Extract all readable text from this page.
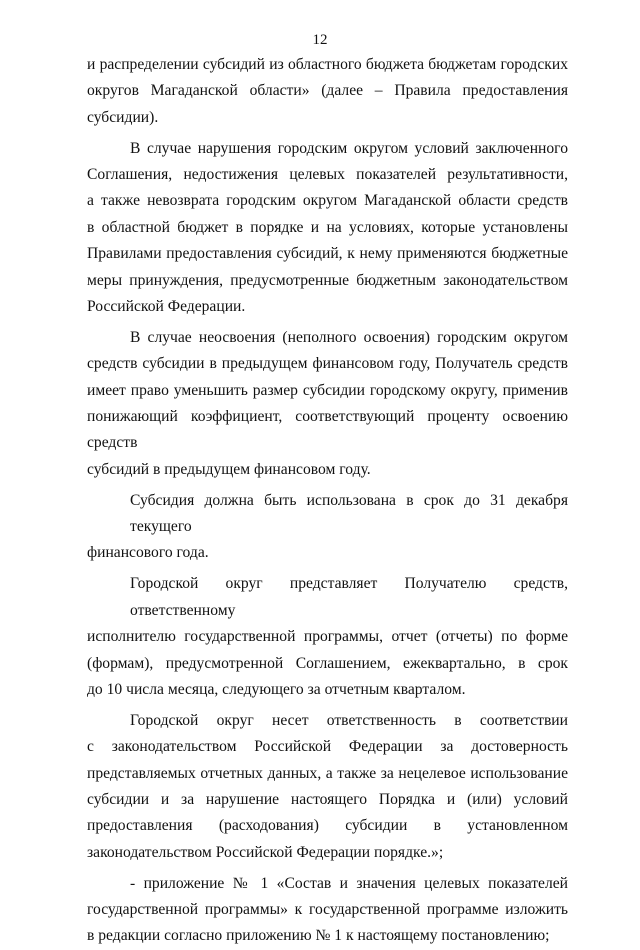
12

и распределении субсидий из областного бюджета бюджетам городских
округов Магаданской области» (далее – Правила предоставления
субсидии).

В случае нарушения городским округом условий заключенного
Соглашения, недостижения целевых показателей результативности,
а также невозврата городским округом Магаданской области средств
в областной бюджет в порядке и на условиях, которые установлены
Правилами предоставления субсидий, к нему применяются бюджетные
меры принуждения, предусмотренные бюджетным законодательством
Российской Федерации.

В случае неосвоения (неполного освоения) городским округом
средств субсидии в предыдущем финансовом году, Получатель средств
имеет право уменьшить размер субсидии городскому округу, применив
понижающий коэффициент, соответствующий проценту освоению средств
субсидий в предыдущем финансовом году.

Субсидия должна быть использована в срок до 31 декабря текущего
финансового года.

Городской округ представляет Получателю средств, ответственному
исполнителю государственной программы, отчет (отчеты) по форме
(формам), предусмотренной Соглашением, ежеквартально, в срок
до 10 числа месяца, следующего за отчетным кварталом.

Городской округ несет ответственность в соответствии
с законодательством Российской Федерации за достоверность
представляемых отчетных данных, а также за нецелевое использование
субсидии и за нарушение настоящего Порядка и (или) условий
предоставления (расходования) субсидии в установленном
законодательством Российской Федерации порядке.»;

- приложение № 1 «Состав и значения целевых показателей
государственной программы» к государственной программе изложить
в редакции согласно приложению № 1 к настоящему постановлению;
